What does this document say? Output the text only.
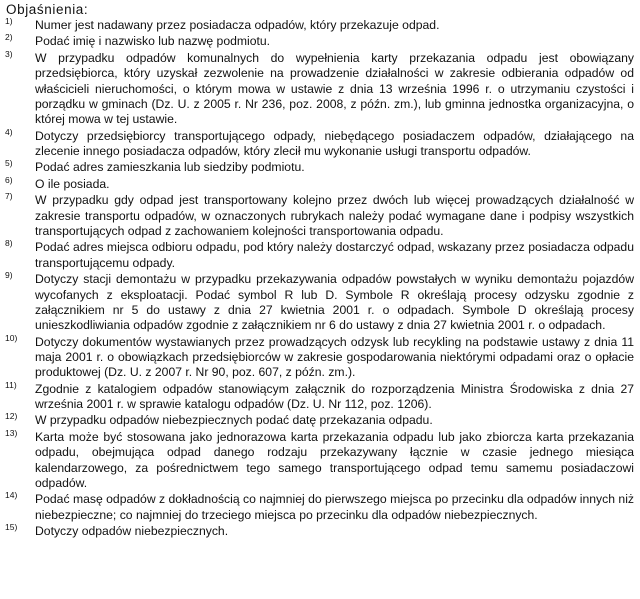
Objaśnienia:
1) Numer jest nadawany przez posiadacza odpadów, który przekazuje odpad.
2) Podać imię i nazwisko lub nazwę podmiotu.
3) W przypadku odpadów komunalnych do wypełnienia karty przekazania odpadu jest obowiązany przedsiębiorca, który uzyskał zezwolenie na prowadzenie działalności w zakresie odbierania odpadów od właścicieli nieruchomości, o którym mowa w ustawie z dnia 13 września 1996 r. o utrzymaniu czystości i porządku w gminach (Dz. U. z 2005 r. Nr 236, poz. 2008, z późn. zm.), lub gminna jednostka organizacyjna, o której mowa w tej ustawie.
4) Dotyczy przedsiębiorcy transportującego odpady, niebędącego posiadaczem odpadów, działającego na zlecenie innego posiadacza odpadów, który zlecił mu wykonanie usługi transportu odpadów.
5) Podać adres zamieszkania lub siedziby podmiotu.
6) O ile posiada.
7) W przypadku gdy odpad jest transportowany kolejno przez dwóch lub więcej prowadzących działalność w zakresie transportu odpadów, w oznaczonych rubrykach należy podać wymagane dane i podpisy wszystkich transportujących odpad z zachowaniem kolejności transportowania odpadu.
8) Podać adres miejsca odbioru odpadu, pod który należy dostarczyć odpad, wskazany przez posiadacza odpadu transportującemu odpady.
9) Dotyczy stacji demontażu w przypadku przekazywania odpadów powstałych w wyniku demontażu pojazdów wycofanych z eksploatacji. Podać symbol R lub D. Symbole R określają procesy odzysku zgodnie z załącznikiem nr 5 do ustawy z dnia 27 kwietnia 2001 r. o odpadach. Symbole D określają procesy unieszkodliwiania odpadów zgodnie z załącznikiem nr 6 do ustawy z dnia 27 kwietnia 2001 r. o odpadach.
10) Dotyczy dokumentów wystawianych przez prowadzących odzysk lub recykling na podstawie ustawy z dnia 11 maja 2001 r. o obowiązkach przedsiębiorców w zakresie gospodarowania niektórymi odpadami oraz o opłacie produktowej (Dz. U. z 2007 r. Nr 90, poz. 607, z późn. zm.).
11) Zgodnie z katalogiem odpadów stanowiącym załącznik do rozporządzenia Ministra Środowiska z dnia 27 września 2001 r. w sprawie katalogu odpadów (Dz. U. Nr 112, poz. 1206).
12) W przypadku odpadów niebezpiecznych podać datę przekazania odpadu.
13) Karta może być stosowana jako jednorazowa karta przekazania odpadu lub jako zbiorcza karta przekazania odpadu, obejmująca odpad danego rodzaju przekazywany łącznie w czasie jednego miesiąca kalendarzowego, za pośrednictwem tego samego transportującego odpad temu samemu posiadaczowi odpadów.
14) Podać masę odpadów z dokładnością co najmniej do pierwszego miejsca po przecinku dla odpadów innych niż niebezpieczne; co najmniej do trzeciego miejsca po przecinku dla odpadów niebezpiecznych.
15) Dotyczy odpadów niebezpiecznych.
